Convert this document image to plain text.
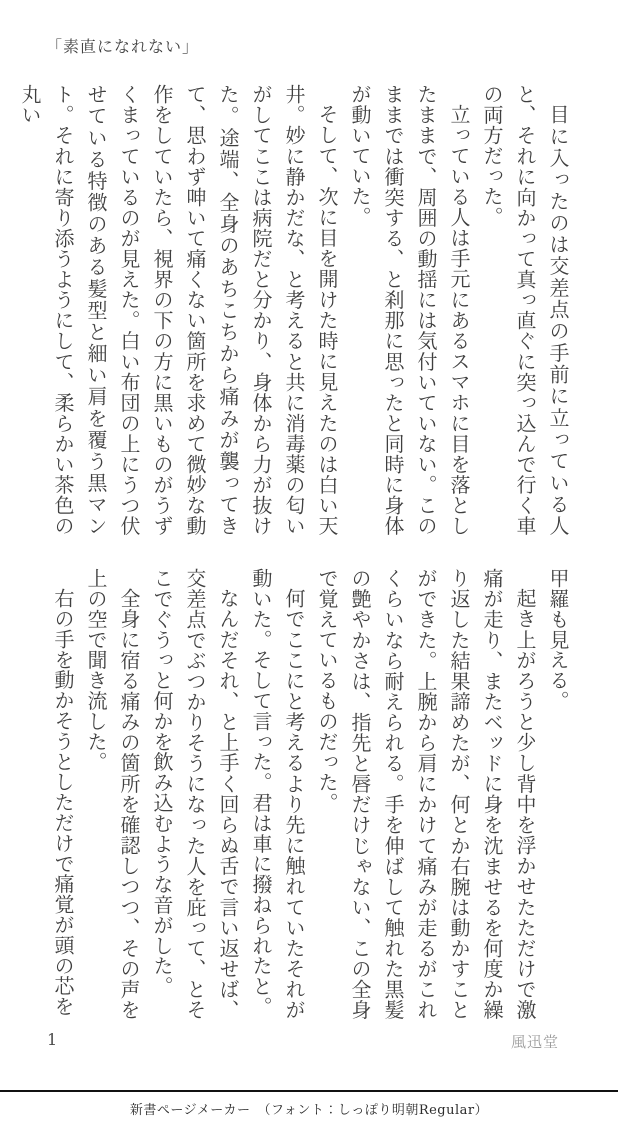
「素直になれない」

目に入ったのは交差点の手前に立っている人と、それに向かって真っ直ぐに突っ込んで行く車の両方だった。

立っている人は手元にあるスマホに目を落としたままで、周囲の動揺には気付いていない。このままでは衝突する、と刹那に思ったと同時に身体が動いていた。

そして、次に目を開けた時に見えたのは白い天井。妙に静かだな、と考えると共に消毒薬の匂いがしてここは病院だと分かり、身体から力が抜けた。途端、全身のあちこちから痛みが襲ってきて、思わず呻いて痛くない箇所を求めて微妙な動作をしていたら、視界の下の方に黒いものがうずくまっているのが見えた。白い布団の上にうつ伏せている特徴のある髪型と細い肩を覆う黒マント。それに寄り添うようにして、柔らかい茶色の丸い

甲羅も見える。

起き上がろうと少し背中を浮かせたただけで激痛が走り、またベッドに身を沈ませるを何度か繰り返した結果諦めたが、何とか右腕は動かすことができた。上腕から肩にかけて痛みが走るがこれくらいなら耐えられる。手を伸ばして触れた黒髪の艶やかさは、指先と唇だけじゃない、この全身で覚えているものだった。

何でここにと考えるより先に触れていたそれが動いた。そして言った。君は車に撥ねられたと。

なんだそれ、と上手く回らぬ舌で言い返せば、交差点でぶつかりそうになった人を庇って、とそこでぐうっと何かを飲み込むような音がした。

全身に宿る痛みの箇所を確認しつつ、その声を上の空で聞き流した。

右の手を動かそうとしただけで痛覚が頭の芯を

1	風迅堂
新書ページメーカー　（フォント：しっぽり明朝Regular）
